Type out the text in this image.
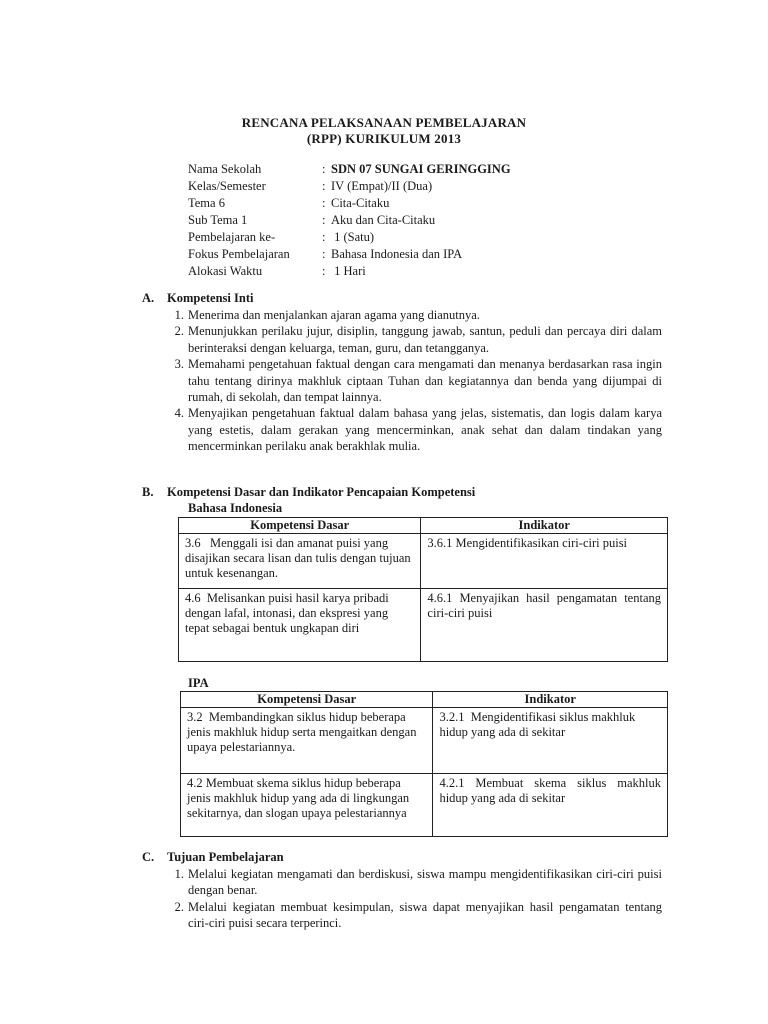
RENCANA PELAKSANAAN PEMBELAJARAN
(RPP) KURIKULUM 2013
Nama Sekolah	: SDN 07 SUNGAI GERINGGING
Kelas/Semester	: IV (Empat)/II (Dua)
Tema 6	: Cita-Citaku
Sub Tema 1	: Aku dan Cita-Citaku
Pembelajaran ke-	: 1 (Satu)
Fokus Pembelajaran	: Bahasa Indonesia dan IPA
Alokasi Waktu	: 1 Hari
A. Kompetensi Inti
1. Menerima dan menjalankan ajaran agama yang dianutnya.
2. Menunjukkan perilaku jujur, disiplin, tanggung jawab, santun, peduli dan percaya diri dalam berinteraksi dengan keluarga, teman, guru, dan tetangganya.
3. Memahami pengetahuan faktual dengan cara mengamati dan menanya berdasarkan rasa ingin tahu tentang dirinya makhluk ciptaan Tuhan dan kegiatannya dan benda yang dijumpai di rumah, di sekolah, dan tempat lainnya.
4. Menyajikan pengetahuan faktual dalam bahasa yang jelas, sistematis, dan logis dalam karya yang estetis, dalam gerakan yang mencerminkan, anak sehat dan dalam tindakan yang mencerminkan perilaku anak berakhlak mulia.
B. Kompetensi Dasar dan Indikator Pencapaian Kompetensi
Bahasa Indonesia
Kompetensi Dasar	Indikator
3.6   Menggali isi dan amanat puisi yang disajikan secara lisan dan tulis dengan tujuan untuk kesenangan.	3.6.1 Mengidentifikasikan ciri-ciri puisi
4.6  Melisankan puisi hasil karya pribadi dengan lafal, intonasi, dan ekspresi yang tepat sebagai bentuk ungkapan diri	4.6.1 Menyajikan hasil pengamatan tentang ciri-ciri puisi
IPA
Kompetensi Dasar	Indikator
3.2  Membandingkan siklus hidup beberapa jenis makhluk hidup serta mengaitkan dengan upaya pelestariannya.	3.2.1  Mengidentifikasi siklus makhluk hidup yang ada di sekitar
4.2 Membuat skema siklus hidup beberapa jenis makhluk hidup yang ada di lingkungan sekitarnya, dan slogan upaya pelestariannya	4.2.1 Membuat skema siklus makhluk hidup yang ada di sekitar
C. Tujuan Pembelajaran
1. Melalui kegiatan mengamati dan berdiskusi, siswa mampu mengidentifikasikan ciri-ciri puisi dengan benar.
2. Melalui kegiatan membuat kesimpulan, siswa dapat menyajikan hasil pengamatan tentang ciri-ciri puisi secara terperinci.
